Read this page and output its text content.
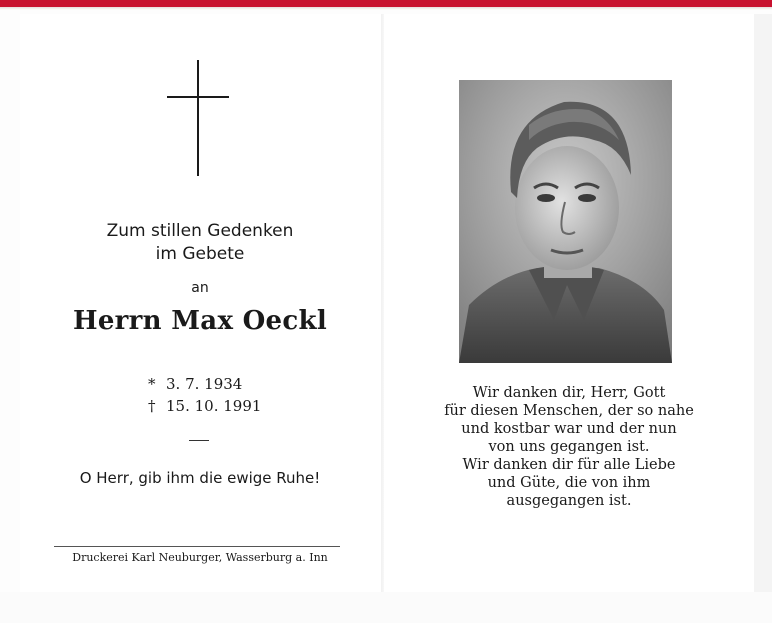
Zum stillen Gedenken
im Gebete
an
Herrn Max Oeckl
* 3. 7. 1934
† 15. 10. 1991
O Herr, gib ihm die ewige Ruhe!
Druckerei Karl Neuburger, Wasserburg a. Inn
Wir danken dir, Herr, Gott
für diesen Menschen, der so nahe
und kostbar war und der nun
von uns gegangen ist.
Wir danken dir für alle Liebe
und Güte, die von ihm
ausgegangen ist.
